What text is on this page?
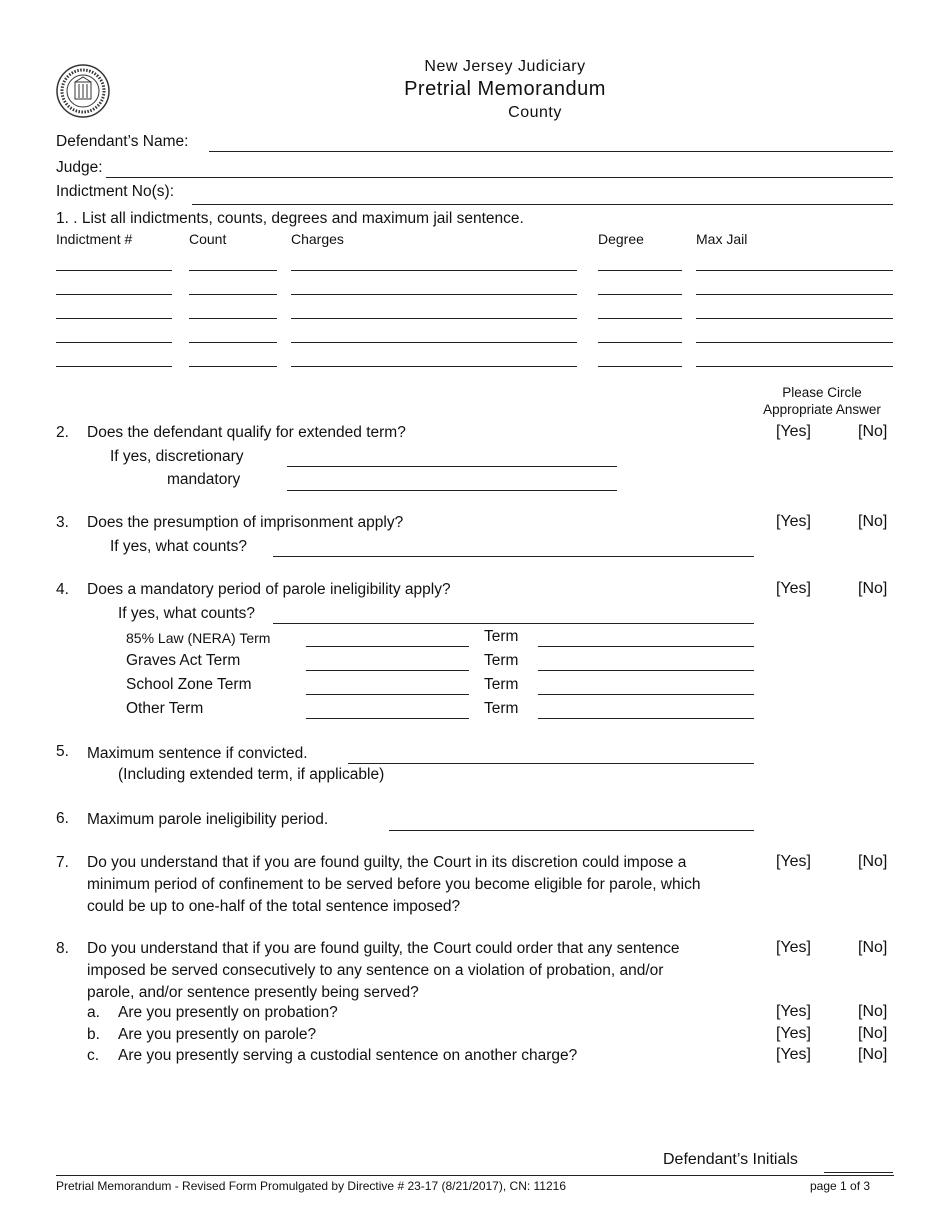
New Jersey Judiciary
Pretrial Memorandum
County
Defendant’s Name:
Judge:
Indictment No(s):
1. . List all indictments, counts, degrees and maximum jail sentence.
Indictment #	Count	Charges	Degree	Max Jail
Please Circle
Appropriate Answer
2. Does the defendant qualify for extended term?	[Yes]	[No]
If yes, discretionary
mandatory
3. Does the presumption of imprisonment apply?	[Yes]	[No]
If yes, what counts?
4. Does a mandatory period of parole ineligibility apply?	[Yes]	[No]
If yes, what counts?
85% Law (NERA) Term	Term
Graves Act Term	Term
School Zone Term	Term
Other Term	Term
5. Maximum sentence if convicted.
(Including extended term, if applicable)
6. Maximum parole ineligibility period.
7. Do you understand that if you are found guilty, the Court in its discretion could impose a
minimum period of confinement to be served before you become eligible for parole, which
could be up to one-half of the total sentence imposed?
[Yes]	[No]
8. Do you understand that if you are found guilty, the Court could order that any sentence
imposed be served consecutively to any sentence on a violation of probation, and/or
parole, and/or sentence presently being served?
[Yes]	[No]
a. Are you presently on probation?	[Yes]	[No]
b. Are you presently on parole?	[Yes]	[No]
c. Are you presently serving a custodial sentence on another charge?	[Yes]	[No]
Defendant’s Initials
Pretrial Memorandum - Revised Form Promulgated by Directive # 23-17 (8/21/2017), CN: 11216	page 1 of 3
